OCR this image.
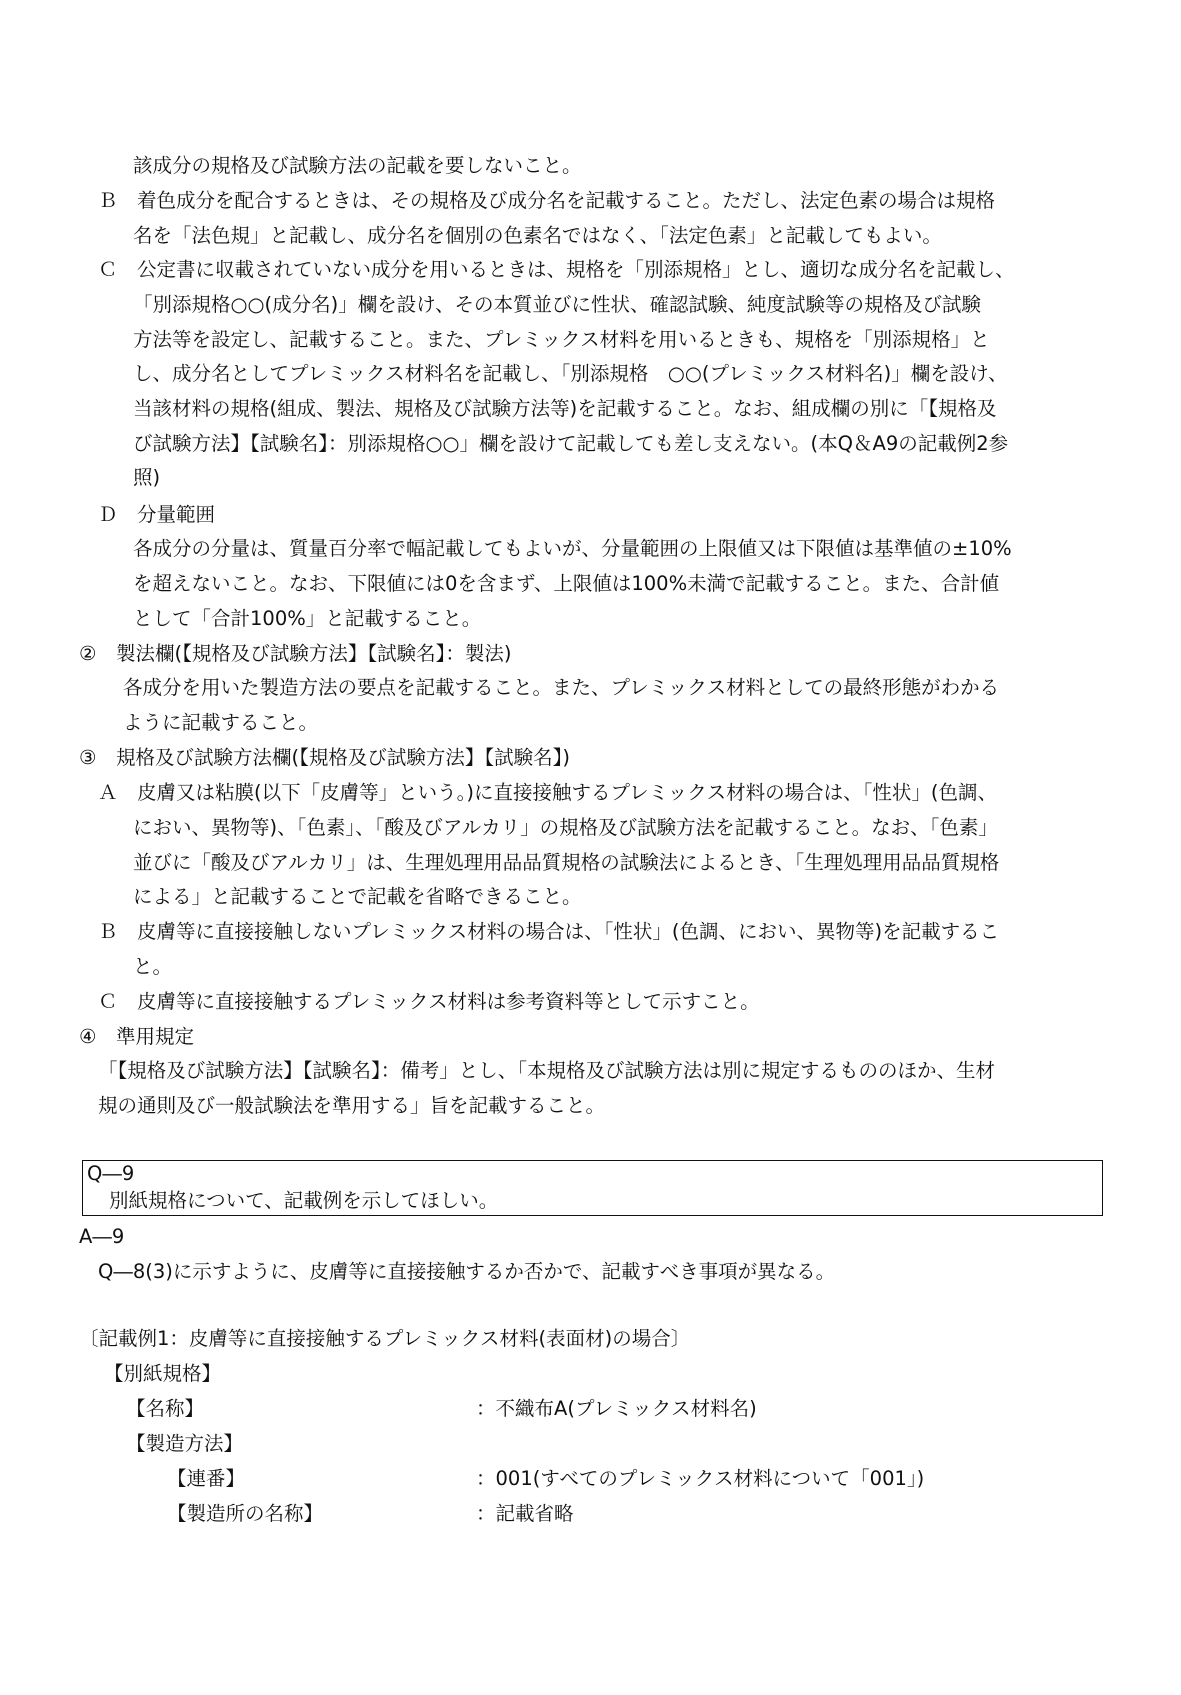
該成分の規格及び試験方法の記載を要しないこと。
Ｂ　着色成分を配合するときは、その規格及び成分名を記載すること。ただし、法定色素の場合は規格
名を「法色規」と記載し、成分名を個別の色素名ではなく、「法定色素」と記載してもよい。
Ｃ　公定書に収載されていない成分を用いるときは、規格を「別添規格」とし、適切な成分名を記載し、
「別添規格○○(成分名)」欄を設け、その本質並びに性状、確認試験、純度試験等の規格及び試験
方法等を設定し、記載すること。また、プレミックス材料を用いるときも、規格を「別添規格」と
し、成分名としてプレミックス材料名を記載し、「別添規格　○○(プレミックス材料名)」欄を設け、
当該材料の規格(組成、製法、規格及び試験方法等)を記載すること。なお、組成欄の別に「【規格及
び試験方法】【試験名】：別添規格○○」欄を設けて記載しても差し支えない。(本Q＆A9の記載例2参
照)
Ｄ　分量範囲
各成分の分量は、質量百分率で幅記載してもよいが、分量範囲の上限値又は下限値は基準値の±10%
を超えないこと。なお、下限値には0を含まず、上限値は100%未満で記載すること。また、合計値
として「合計100%」と記載すること。
②　製法欄(【規格及び試験方法】【試験名】：製法)
各成分を用いた製造方法の要点を記載すること。また、プレミックス材料としての最終形態がわかる
ように記載すること。
③　規格及び試験方法欄(【規格及び試験方法】【試験名】)
Ａ　皮膚又は粘膜(以下「皮膚等」という。)に直接接触するプレミックス材料の場合は、「性状」(色調、
におい、異物等)、「色素」、「酸及びアルカリ」の規格及び試験方法を記載すること。なお、「色素」
並びに「酸及びアルカリ」は、生理処理用品品質規格の試験法によるとき、「生理処理用品品質規格
による」と記載することで記載を省略できること。
Ｂ　皮膚等に直接接触しないプレミックス材料の場合は、「性状」(色調、におい、異物等)を記載するこ
と。
Ｃ　皮膚等に直接接触するプレミックス材料は参考資料等として示すこと。
④　準用規定
「【規格及び試験方法】【試験名】：備考」とし、「本規格及び試験方法は別に規定するもののほか、生材
規の通則及び一般試験法を準用する」旨を記載すること。
Q―9
別紙規格について、記載例を示してほしい。
A―9
Q―8(3)に示すように、皮膚等に直接接触するか否かで、記載すべき事項が異なる。
〔記載例1：皮膚等に直接接触するプレミックス材料(表面材)の場合〕
【別紙規格】
【名称】	：不織布A(プレミックス材料名)
【製造方法】
【連番】	：001(すべてのプレミックス材料について「001」)
【製造所の名称】	：記載省略
